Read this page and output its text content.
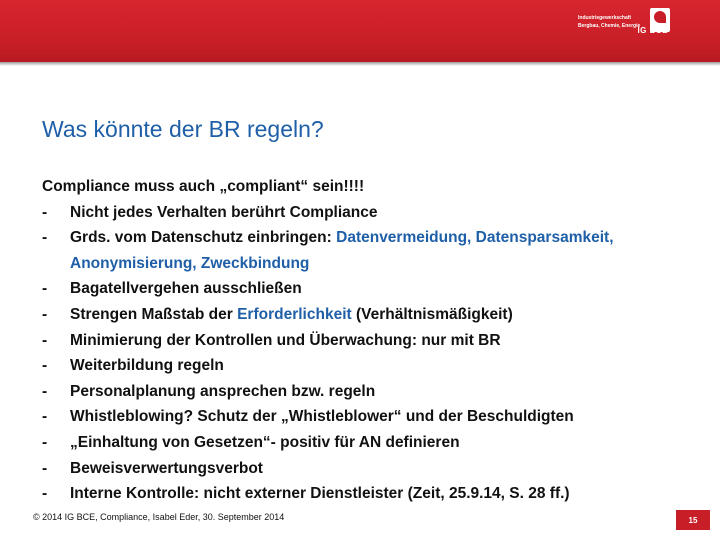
Industriegewerkschaft
Bergbau, Chemie, Energie
IG BCE
Was könnte der BR regeln?
Compliance muss auch „compliant“ sein!!!!
-	Nicht jedes Verhalten berührt Compliance
-	Grds. vom Datenschutz einbringen: Datenvermeidung, Datensparsamkeit, Anonymisierung, Zweckbindung
-	Bagatellvergehen ausschließen
-	Strengen Maßstab der Erforderlichkeit (Verhältnismäßigkeit)
-	Minimierung der Kontrollen und Überwachung: nur mit BR
-	Weiterbildung regeln
-	Personalplanung ansprechen bzw. regeln
-	Whistleblowing? Schutz der „Whistleblower“ und der Beschuldigten
-	„Einhaltung von Gesetzen“- positiv für AN definieren
-	Beweisverwertungsverbot
-	Interne Kontrolle: nicht externer Dienstleister (Zeit, 25.9.14, S. 28 ff.)
© 2014 IG BCE, Compliance, Isabel Eder, 30. September 2014	15
